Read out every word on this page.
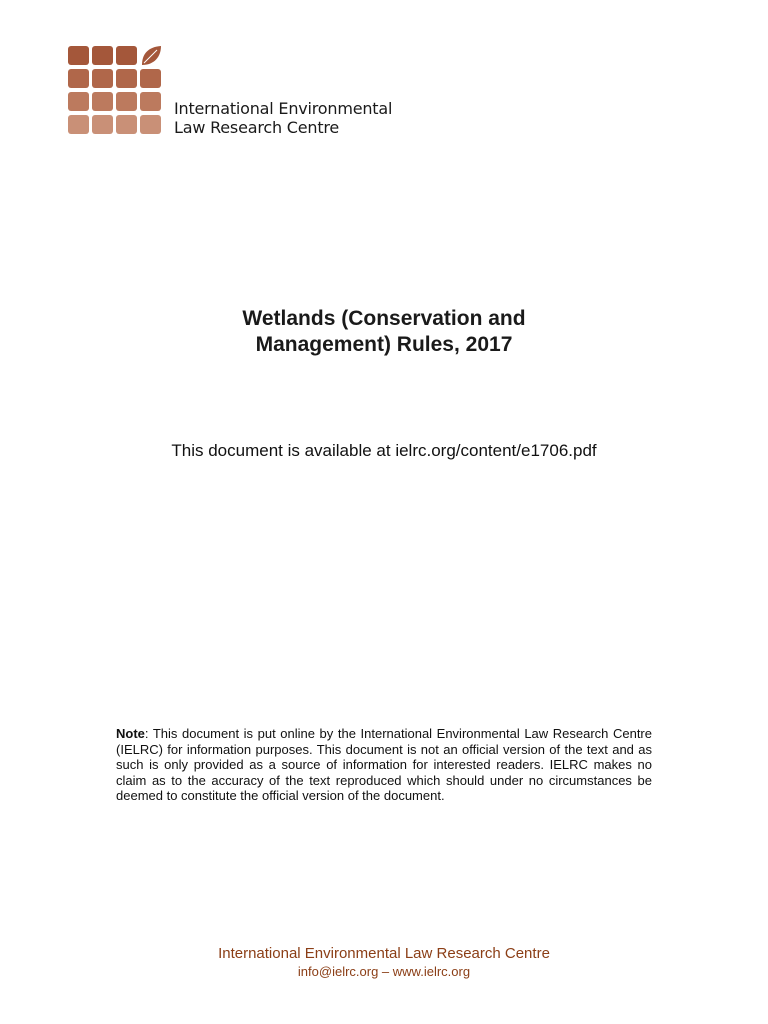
International Environmental
Law Research Centre
Wetlands (Conservation and
Management) Rules, 2017
This document is available at ielrc.org/content/e1706.pdf
Note: This document is put online by the International Environmental Law Research Centre (IELRC) for information purposes. This document is not an official version of the text and as such is only provided as a source of information for interested readers. IELRC makes no claim as to the accuracy of the text reproduced which should under no circumstances be deemed to constitute the official version of the document.
International Environmental Law Research Centre
info@ielrc.org – www.ielrc.org
